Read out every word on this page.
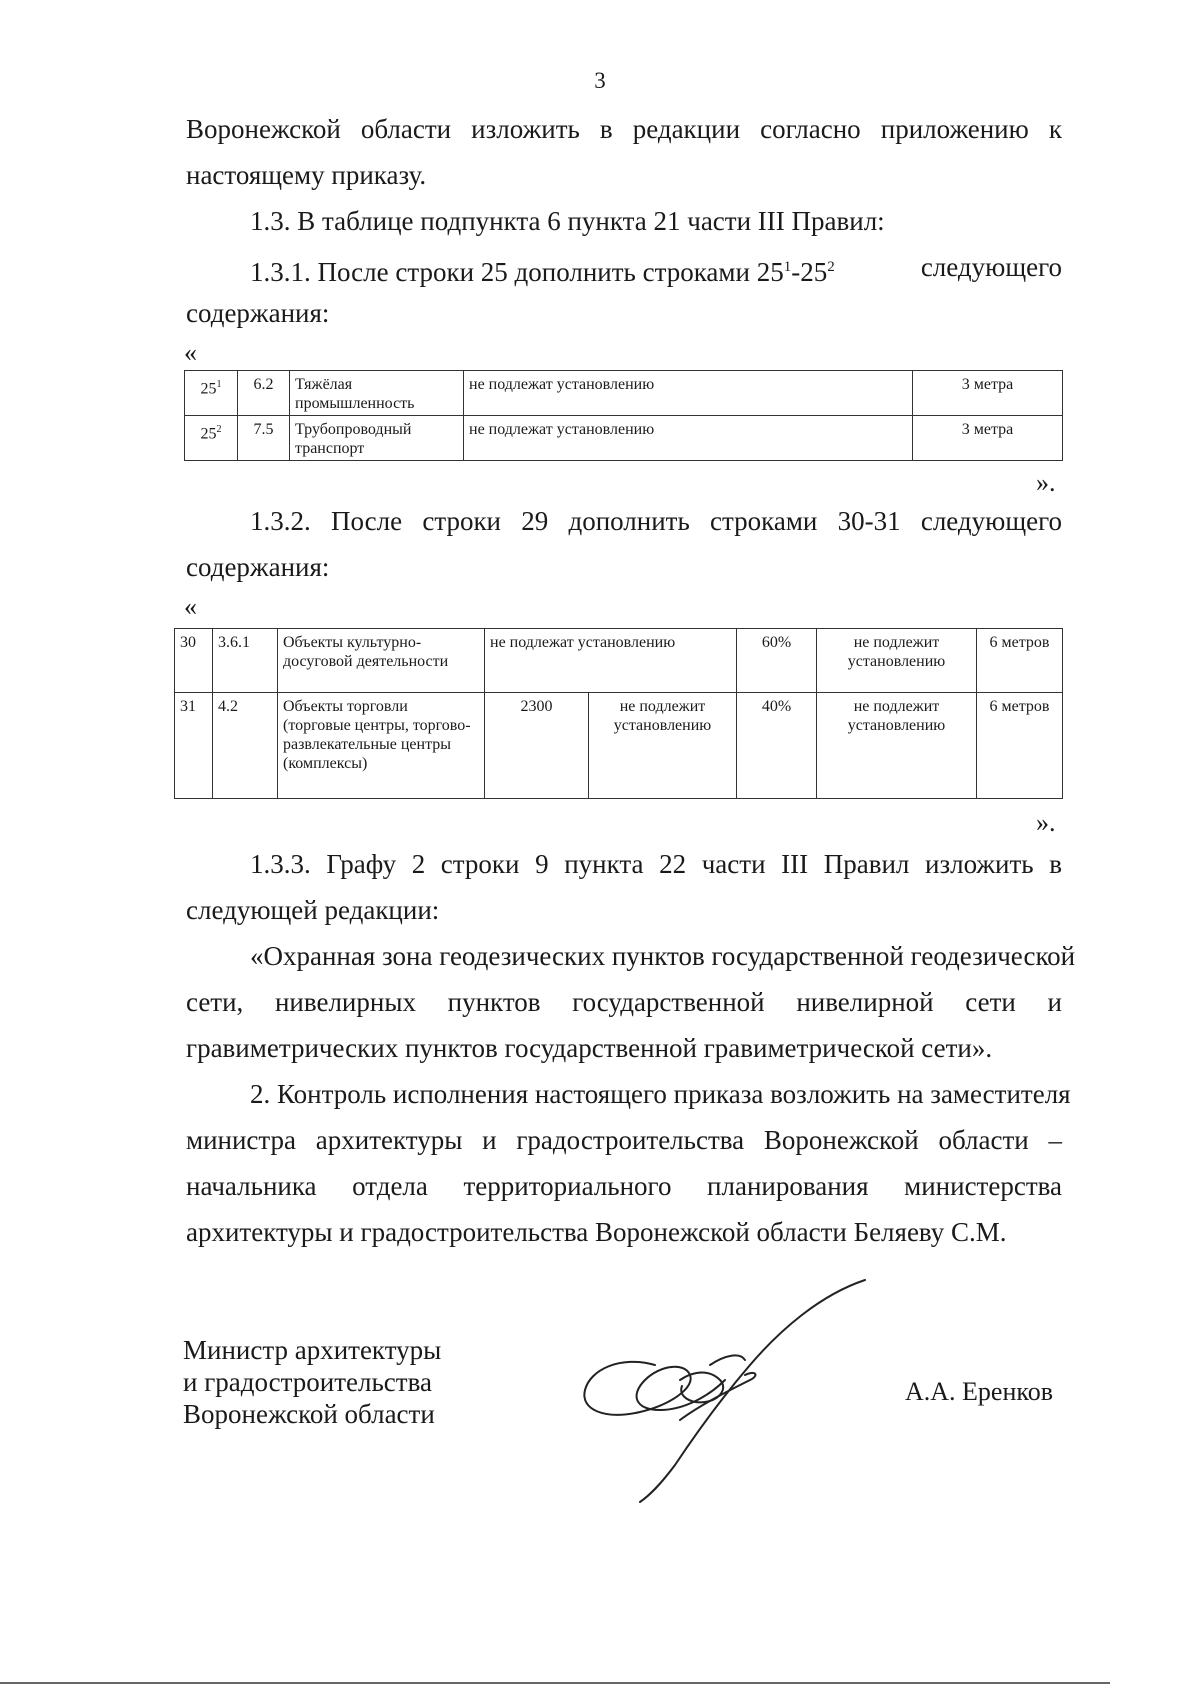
3
Воронежской области изложить в редакции согласно приложению к
настоящему приказу.
1.3. В таблице подпункта 6 пункта 21 части III Правил:
1.3.1. После строки 25 дополнить строками $25^1-25^2$	следующего
содержания:
«
$25^1$	6.2	Тяжёлая промышленность	не подлежат установлению	3 метра
$25^2$	7.5	Трубопроводный транспорт	не подлежат установлению	3 метра
».
1.3.2. После строки 29 дополнить строками 30-31 следующего
содержания:
«
30	3.6.1	Объекты культурно-досуговой деятельности	не подлежат установлению		60%	не подлежит установлению	6 метров
31	4.2	Объекты торговли (торговые центры, торгово-развлекательные центры (комплексы)	2300	не подлежит установлению	40%	не подлежит установлению	6 метров
».
1.3.3. Графу 2 строки 9 пункта 22 части III Правил изложить в
следующей редакции:
«Охранная зона геодезических пунктов государственной геодезической
сети, нивелирных пунктов государственной нивелирной сети и
гравиметрических пунктов государственной гравиметрической сети».
2. Контроль исполнения настоящего приказа возложить на заместителя
министра архитектуры и градостроительства Воронежской области –
начальника отдела территориального планирования министерства
архитектуры и градостроительства Воронежской области Беляеву С.М.
Министр архитектуры
и градостроительства
Воронежской области
А.А. Еренков
